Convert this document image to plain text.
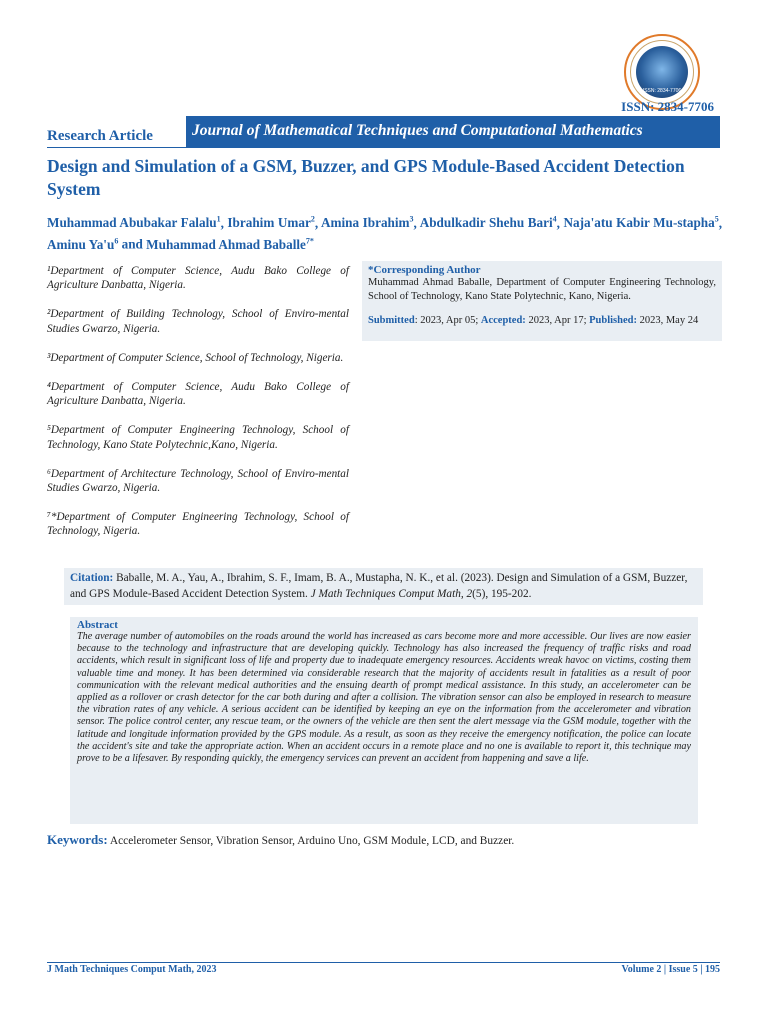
ISSN: 2834-7706
ISSN: 2834-7706
Research Article	Journal of Mathematical Techniques and Computational Mathematics
Design and Simulation of a GSM, Buzzer, and GPS Module-Based Accident Detection System
Muhammad Abubakar Falalu$^1$, Ibrahim Umar$^2$, Amina Ibrahim$^3$, Abdulkadir Shehu Bari$^4$, Naja'atu Kabir Mu-stapha$^5$, Aminu $Ya'u^6$ and Muhammad Ahmad Baballe$^{7*}$
¹Department of Computer Science, Audu Bako College of Agriculture Danbatta, Nigeria.
²Department of Building Technology, School of Enviro-mental Studies Gwarzo, Nigeria.
³Department of Computer Science, School of Technology, Nigeria.
⁴Department of Computer Science, Audu Bako College of Agriculture Danbatta, Nigeria.
⁵Department of Computer Engineering Technology, School of Technology, Kano State Polytechnic,Kano, Nigeria.
⁶Department of Architecture Technology, School of Enviro-mental Studies Gwarzo, Nigeria.
⁷*Department of Computer Engineering Technology, School of Technology, Nigeria.
*Corresponding Author
Muhammad Ahmad Baballe, Department of Computer Engineering Technology, School of Technology, Kano State Polytechnic, Kano, Nigeria.
Submitted: 2023, Apr 05; Accepted: 2023, Apr 17; Published: 2023, May 24
Citation: Baballe, M. A., Yau, A., Ibrahim, S. F., Imam, B. A., Mustapha, N. K., et al. (2023). Design and Simulation of a GSM, Buzzer, and GPS Module-Based Accident Detection System. J Math Techniques Comput Math, 2(5), 195-202.
Abstract
The average number of automobiles on the roads around the world has increased as cars become more and more accessible. Our lives are now easier because to the technology and infrastructure that are developing quickly. Technology has also increased the frequency of traffic risks and road accidents, which result in significant loss of life and property due to inadequate emergency resources. Accidents wreak havoc on victims, costing them valuable time and money. It has been determined via considerable research that the majority of accidents result in fatalities as a result of poor communication with the relevant medical authorities and the ensuing dearth of prompt medical assistance. In this study, an accelerometer can be applied as a rollover or crash detector for the car both during and after a collision. The vibration sensor can also be employed in research to measure the vibration rates of any vehicle. A serious accident can be identified by keeping an eye on the information from the accelerometer and vibration sensor. The police control center, any rescue team, or the owners of the vehicle are then sent the alert message via the GSM module, together with the latitude and longitude information provided by the GPS module. As a result, as soon as they receive the emergency notification, the police can locate the accident's site and take the appropriate action. When an accident occurs in a remote place and no one is available to report it, this technique may prove to be a lifesaver. By responding quickly, the emergency services can prevent an accident from happening and save a life.
Keywords: Accelerometer Sensor, Vibration Sensor, Arduino Uno, GSM Module, LCD, and Buzzer.
J Math Techniques Comput Math, 2023	Volume 2 | Issue 5 | 195
